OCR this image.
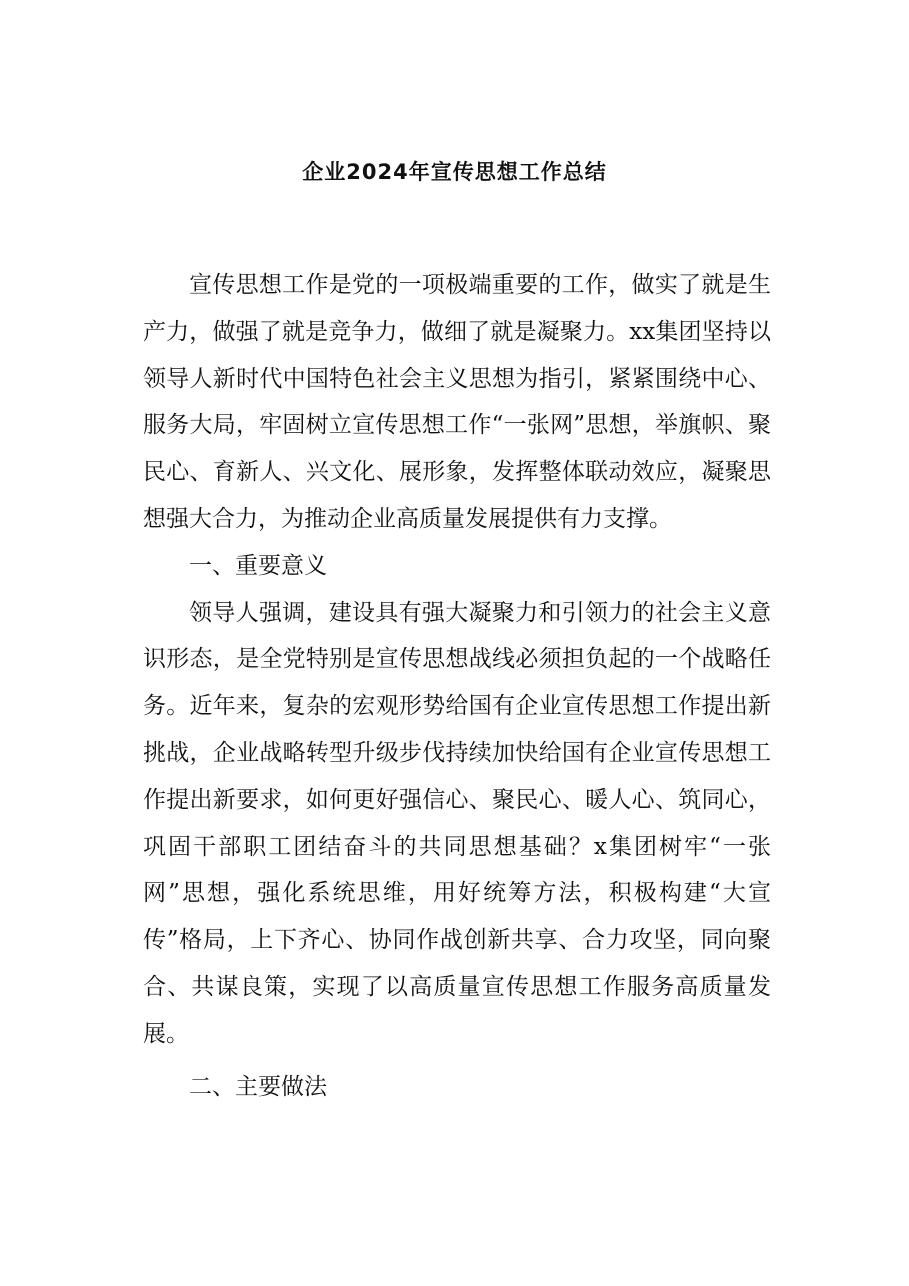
企业2024年宣传思想工作总结

宣传思想工作是党的一项极端重要的工作，做实了就是生产力，做强了就是竞争力，做细了就是凝聚力。xx集团坚持以领导人新时代中国特色社会主义思想为指引，紧紧围绕中心、服务大局，牢固树立宣传思想工作“一张网”思想，举旗帜、聚民心、育新人、兴文化、展形象，发挥整体联动效应，凝聚思想强大合力，为推动企业高质量发展提供有力支撑。

一、重要意义

领导人强调，建设具有强大凝聚力和引领力的社会主义意识形态，是全党特别是宣传思想战线必须担负起的一个战略任务。近年来，复杂的宏观形势给国有企业宣传思想工作提出新挑战，企业战略转型升级步伐持续加快给国有企业宣传思想工作提出新要求，如何更好强信心、聚民心、暖人心、筑同心，巩固干部职工团结奋斗的共同思想基础？x集团树牢“一张网”思想，强化系统思维，用好统筹方法，积极构建“大宣传”格局，上下齐心、协同作战创新共享、合力攻坚，同向聚合、共谋良策，实现了以高质量宣传思想工作服务高质量发展。

二、主要做法
